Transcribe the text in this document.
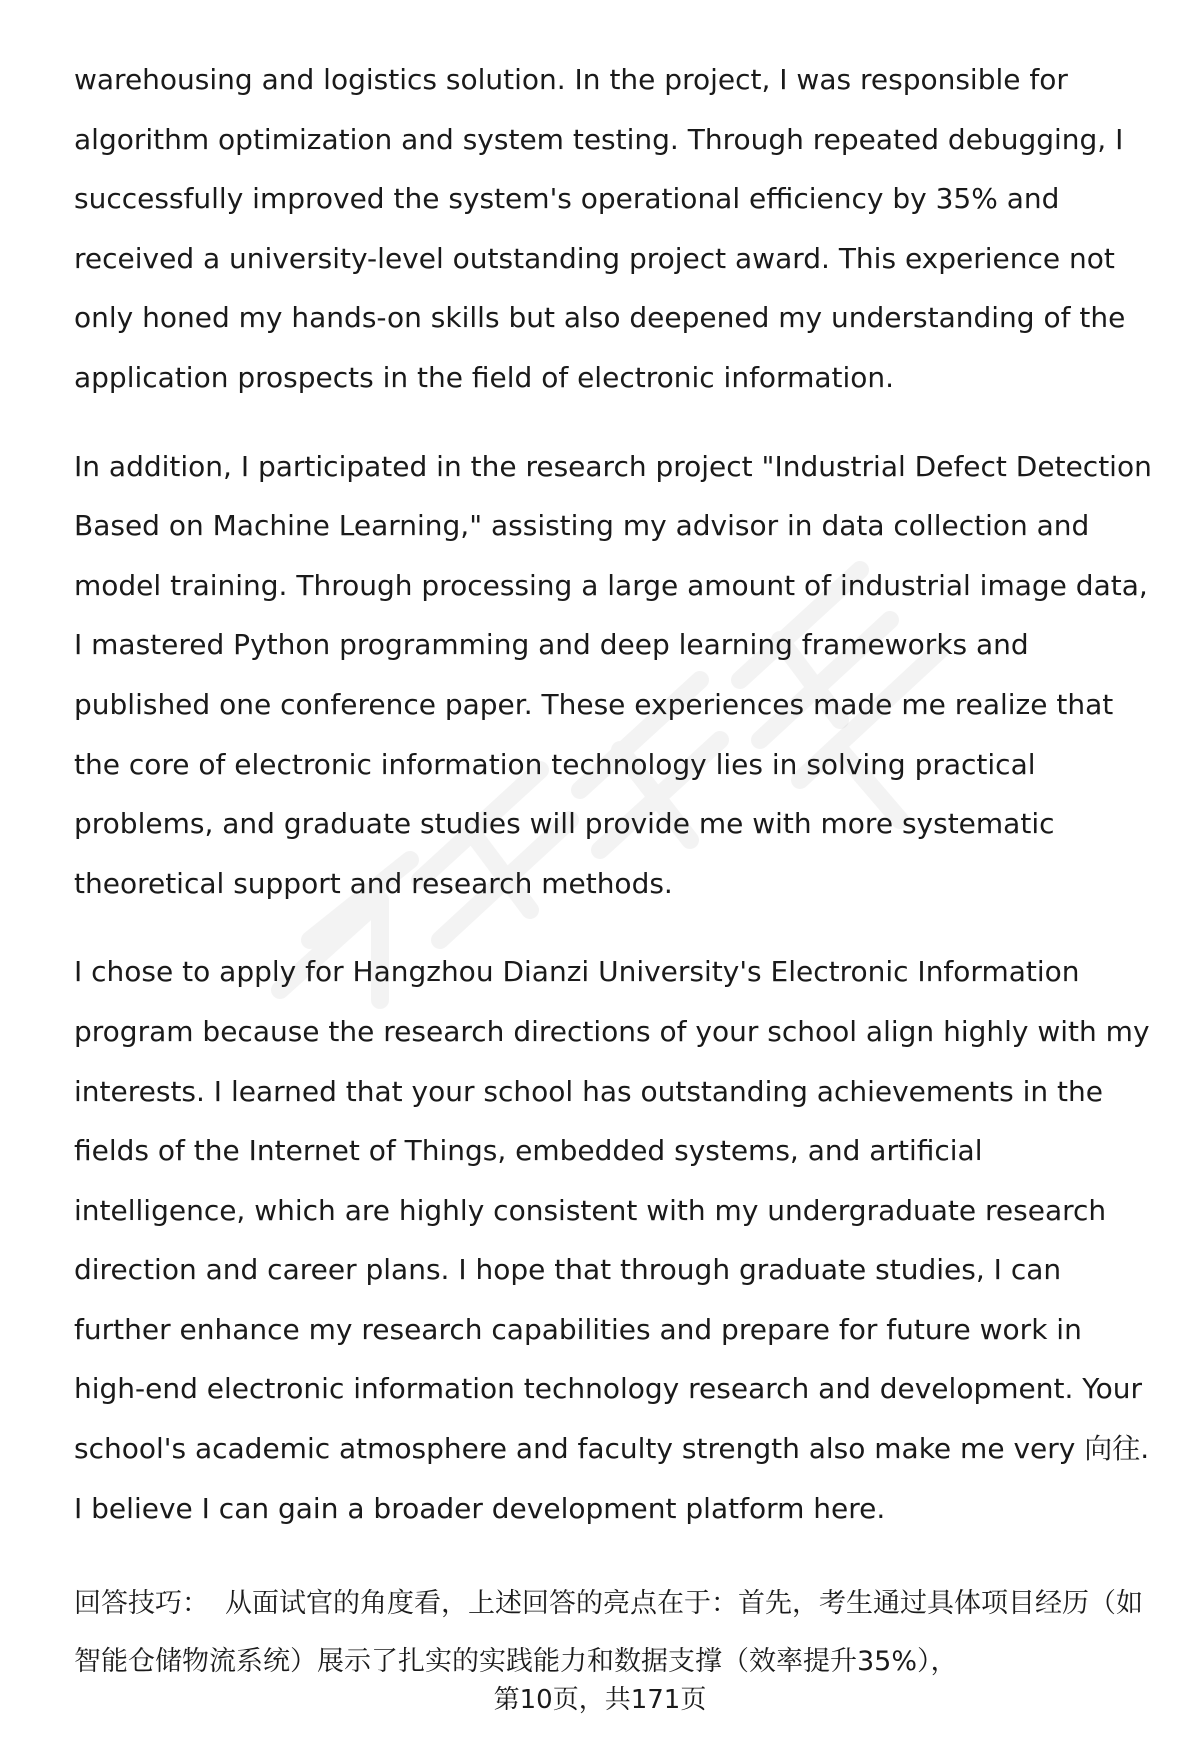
warehousing and logistics solution. In the project, I was responsible for algorithm optimization and system testing. Through repeated debugging, I successfully improved the system's operational efficiency by 35% and received a university-level outstanding project award. This experience not only honed my hands-on skills but also deepened my understanding of the application prospects in the field of electronic information.

In addition, I participated in the research project "Industrial Defect Detection Based on Machine Learning," assisting my advisor in data collection and model training. Through processing a large amount of industrial image data, I mastered Python programming and deep learning frameworks and published one conference paper. These experiences made me realize that the core of electronic information technology lies in solving practical problems, and graduate studies will provide me with more systematic theoretical support and research methods.

I chose to apply for Hangzhou Dianzi University's Electronic Information program because the research directions of your school align highly with my interests. I learned that your school has outstanding achievements in the fields of the Internet of Things, embedded systems, and artificial intelligence, which are highly consistent with my undergraduate research direction and career plans. I hope that through graduate studies, I can further enhance my research capabilities and prepare for future work in high-end electronic information technology research and development. Your school's academic atmosphere and faculty strength also make me very 向往. I believe I can gain a broader development platform here.

回答技巧： 从面试官的角度看，上述回答的亮点在于：首先，考生通过具体项目经历（如智能仓储物流系统）展示了扎实的实践能力和数据支撑（效率提升35%），

第10页，共171页
